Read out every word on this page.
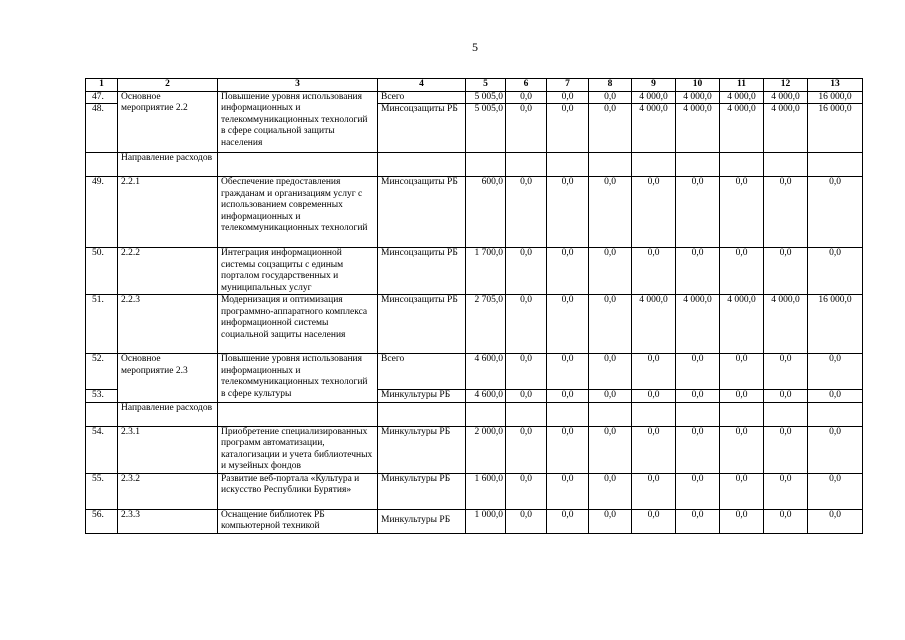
5
1	2	3	4	5	6	7	8	9	10	11	12	13
47.	Основное мероприятие 2.2	Повышение уровня использования информационных и телекоммуникационных технологий в сфере социальной защиты населения	Всего	5 005,0	0,0	0,0	0,0	4 000,0	4 000,0	4 000,0	4 000,0	16 000,0
48.			Минсоцзащиты РБ	5 005,0	0,0	0,0	0,0	4 000,0	4 000,0	4 000,0	4 000,0	16 000,0
	Направление расходов											
49.	2.2.1	Обеспечение предоставления гражданам и организациям услуг с использованием современных информационных и телекоммуникационных технологий	Минсоцзащиты РБ	600,0	0,0	0,0	0,0	0,0	0,0	0,0	0,0	0,0
50.	2.2.2	Интеграция информационной системы соцзащиты с единым порталом государственных и муниципальных услуг	Минсоцзащиты РБ	1 700,0	0,0	0,0	0,0	0,0	0,0	0,0	0,0	0,0
51.	2.2.3	Модернизация и оптимизация программно-аппаратного комплекса информационной системы социальной защиты населения	Минсоцзащиты РБ	2 705,0	0,0	0,0	0,0	4 000,0	4 000,0	4 000,0	4 000,0	16 000,0
52.	Основное мероприятие 2.3	Повышение уровня использования информационных и телекоммуникационных технологий в сфере культуры	Всего	4 600,0	0,0	0,0	0,0	0,0	0,0	0,0	0,0	0,0
53.			Минкультуры РБ	4 600,0	0,0	0,0	0,0	0,0	0,0	0,0	0,0	0,0
	Направление расходов											
54.	2.3.1	Приобретение специализированных программ автоматизации, каталогизации и учета библиотечных и музейных фондов	Минкультуры РБ	2 000,0	0,0	0,0	0,0	0,0	0,0	0,0	0,0	0,0
55.	2.3.2	Развитие веб-портала «Культура и искусство Республики Бурятия»	Минкультуры РБ	1 600,0	0,0	0,0	0,0	0,0	0,0	0,0	0,0	0,0
56.	2.3.3	Оснащение библиотек РБ компьютерной техникой	Минкультуры РБ	1 000,0	0,0	0,0	0,0	0,0	0,0	0,0	0,0	0,0
